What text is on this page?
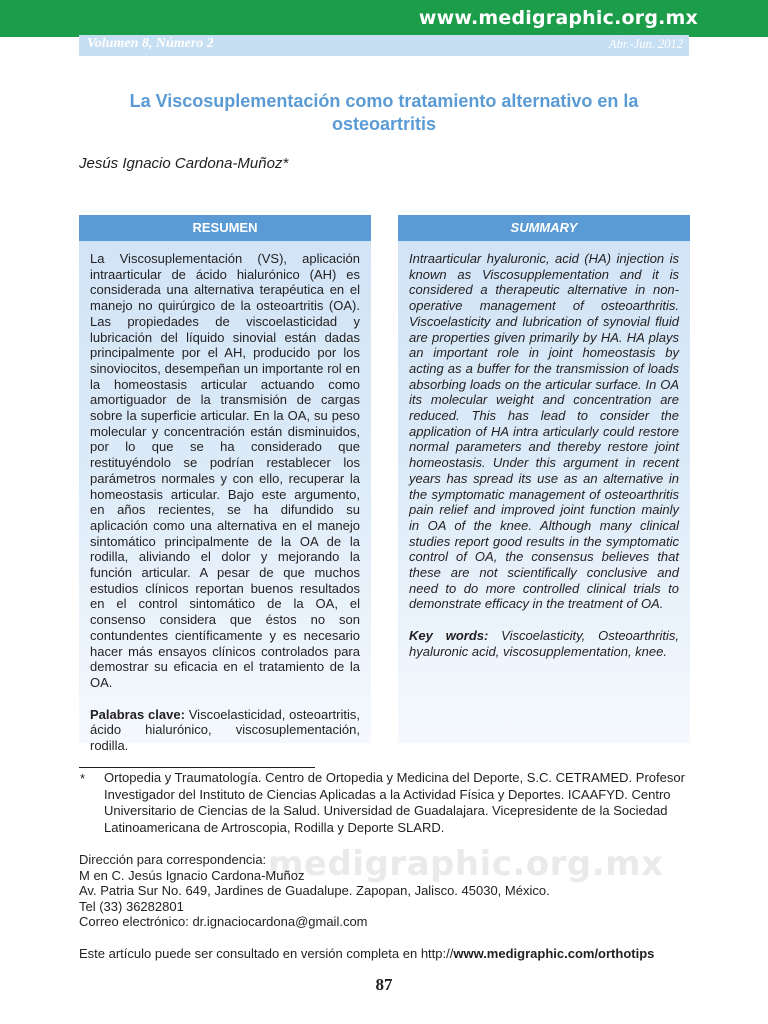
www.medigraphic.org.mx
Volumen 8, Número 2	Abr.-Jun. 2012
La Viscosuplementación como tratamiento alternativo en la osteoartritis
Jesús Ignacio Cardona-Muñoz*
RESUMEN
La Viscosuplementación (VS), aplicación intraarticular de ácido hialurónico (AH) es considerada una alternativa terapéutica en el manejo no quirúrgico de la osteoartritis (OA). Las propiedades de viscoelasticidad y lubricación del líquido sinovial están dadas principalmente por el AH, producido por los sinoviocitos, desempeñan un importante rol en la homeostasis articular actuando como amortiguador de la transmisión de cargas sobre la superficie articular. En la OA, su peso molecular y concentración están disminuidos, por lo que se ha considerado que restituyéndolo se podrían restablecer los parámetros normales y con ello, recuperar la homeostasis articular. Bajo este argumento, en años recientes, se ha difundido su aplicación como una alternativa en el manejo sintomático principalmente de la OA de la rodilla, aliviando el dolor y mejorando la función articular. A pesar de que muchos estudios clínicos reportan buenos resultados en el control sintomático de la OA, el consenso considera que éstos no son contundentes científicamente y es necesario hacer más ensayos clínicos controlados para demostrar su eficacia en el tratamiento de la OA.
Palabras clave: Viscoelasticidad, osteoartritis, ácido hialurónico, viscosuplementación, rodilla.
SUMMARY
Intraarticular hyaluronic, acid (HA) injection is known as Viscosupplementation and it is considered a therapeutic alternative in non-operative management of osteoarthritis. Viscoelasticity and lubrication of synovial fluid are properties given primarily by HA. HA plays an important role in joint homeostasis by acting as a buffer for the transmission of loads absorbing loads on the articular surface. In OA its molecular weight and concentration are reduced. This has lead to consider the application of HA intra articularly could restore normal parameters and thereby restore joint homeostasis. Under this argument in recent years has spread its use as an alternative in the symptomatic management of osteoarthritis pain relief and improved joint function mainly in OA of the knee. Although many clinical studies report good results in the symptomatic control of OA, the consensus believes that these are not scientifically conclusive and need to do more controlled clinical trials to demonstrate efficacy in the treatment of OA.
Key words: Viscoelasticity, Osteoarthritis, hyaluronic acid, viscosupplementation, knee.
* Ortopedia y Traumatología. Centro de Ortopedia y Medicina del Deporte, S.C. CETRAMED. Profesor Investigador del Instituto de Ciencias Aplicadas a la Actividad Física y Deportes. ICAAFYD. Centro Universitario de Ciencias de la Salud. Universidad de Guadalajara. Vicepresidente de la Sociedad Latinoamericana de Artroscopia, Rodilla y Deporte SLARD.
medigraphic.org.mx
Dirección para correspondencia:
M en C. Jesús Ignacio Cardona-Muñoz
Av. Patria Sur No. 649, Jardines de Guadalupe. Zapopan, Jalisco. 45030, México.
Tel (33) 36282801
Correo electrónico: dr.ignaciocardona@gmail.com
Este artículo puede ser consultado en versión completa en http://www.medigraphic.com/orthotips
87
